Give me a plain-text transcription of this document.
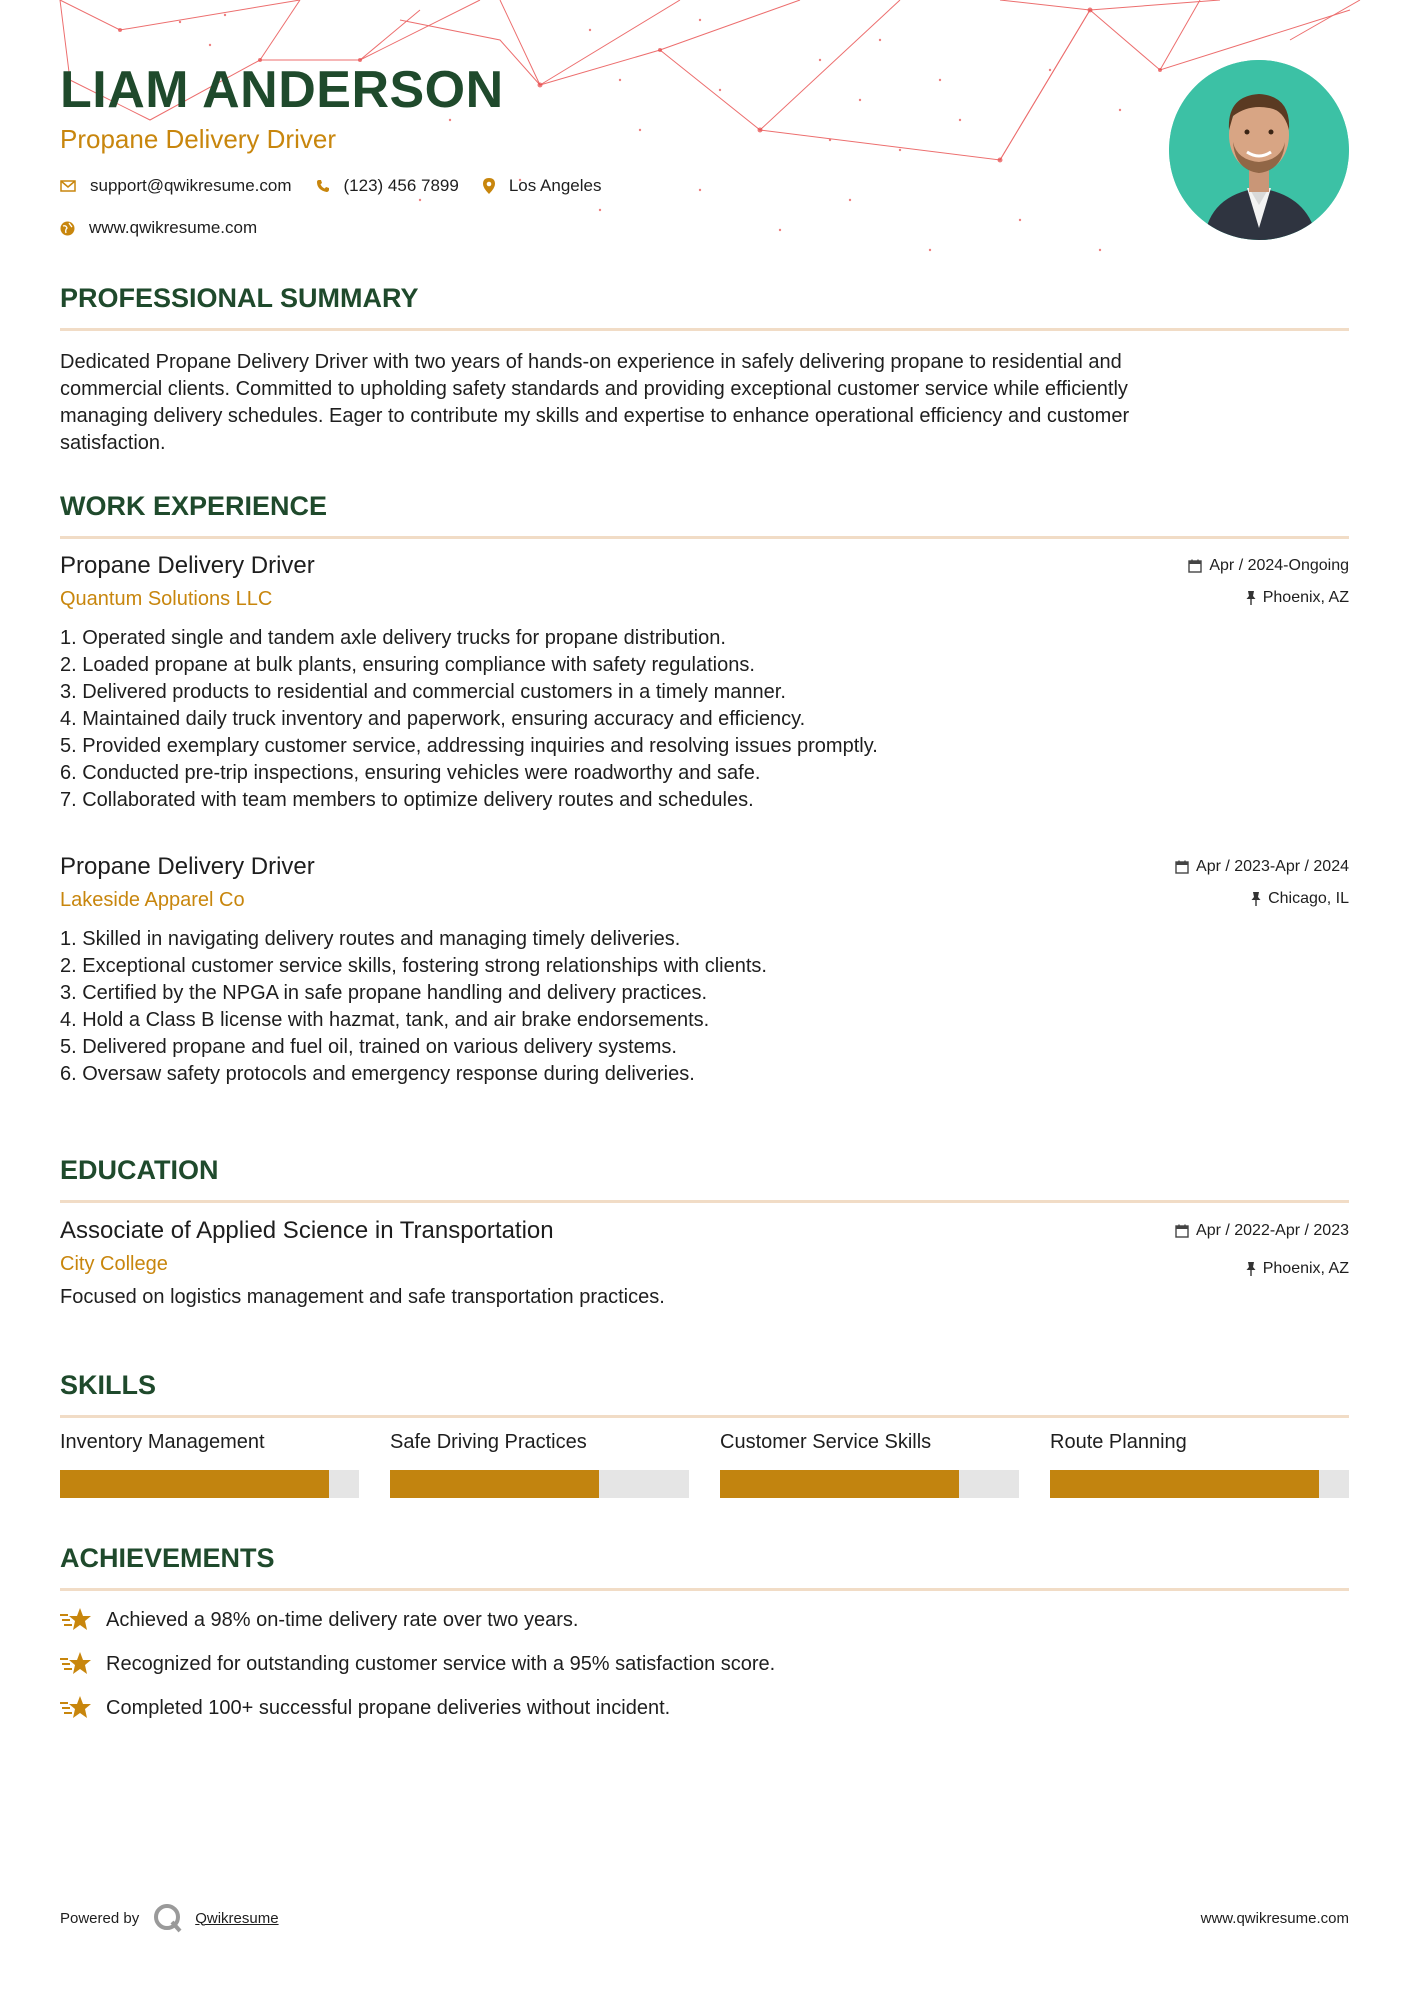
LIAM ANDERSON
Propane Delivery Driver
support@qwikresume.com	(123) 456 7899	Los Angeles
www.qwikresume.com
PROFESSIONAL SUMMARY
Dedicated Propane Delivery Driver with two years of hands-on experience in safely delivering propane to residential and
commercial clients. Committed to upholding safety standards and providing exceptional customer service while efficiently
managing delivery schedules. Eager to contribute my skills and expertise to enhance operational efficiency and customer
satisfaction.
WORK EXPERIENCE
Propane Delivery Driver
Quantum Solutions LLC
Apr / 2024-Ongoing
Phoenix, AZ
1. Operated single and tandem axle delivery trucks for propane distribution.
2. Loaded propane at bulk plants, ensuring compliance with safety regulations.
3. Delivered products to residential and commercial customers in a timely manner.
4. Maintained daily truck inventory and paperwork, ensuring accuracy and efficiency.
5. Provided exemplary customer service, addressing inquiries and resolving issues promptly.
6. Conducted pre-trip inspections, ensuring vehicles were roadworthy and safe.
7. Collaborated with team members to optimize delivery routes and schedules.
Propane Delivery Driver
Lakeside Apparel Co
Apr / 2023-Apr / 2024
Chicago, IL
1. Skilled in navigating delivery routes and managing timely deliveries.
2. Exceptional customer service skills, fostering strong relationships with clients.
3. Certified by the NPGA in safe propane handling and delivery practices.
4. Hold a Class B license with hazmat, tank, and air brake endorsements.
5. Delivered propane and fuel oil, trained on various delivery systems.
6. Oversaw safety protocols and emergency response during deliveries.
EDUCATION
Associate of Applied Science in Transportation
City College
Apr / 2022-Apr / 2023
Phoenix, AZ
Focused on logistics management and safe transportation practices.
SKILLS
Inventory Management	Safe Driving Practices	Customer Service Skills	Route Planning
ACHIEVEMENTS
Achieved a 98% on-time delivery rate over two years.
Recognized for outstanding customer service with a 95% satisfaction score.
Completed 100+ successful propane deliveries without incident.
Powered by	Qwikresume	www.qwikresume.com
